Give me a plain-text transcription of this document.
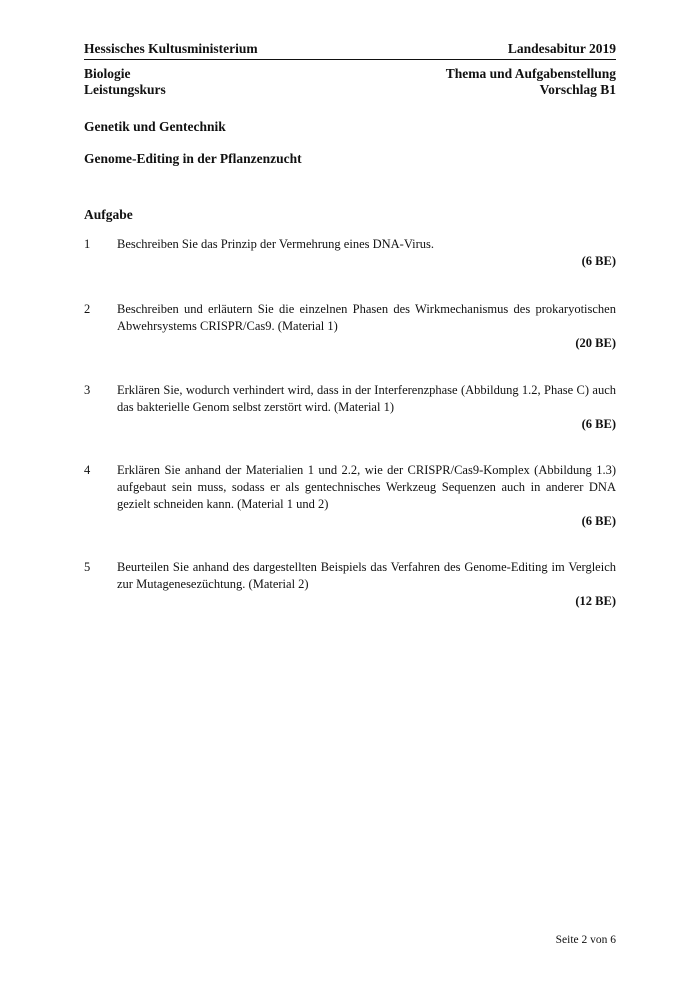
Hessisches Kultusministerium	Landesabitur 2019
Biologie
Leistungskurs
Thema und Aufgabenstellung
Vorschlag B1
Genetik und Gentechnik
Genome-Editing in der Pflanzenzucht
Aufgabe
1 Beschreiben Sie das Prinzip der Vermehrung eines DNA-Virus.
(6 BE)
2 Beschreiben und erläutern Sie die einzelnen Phasen des Wirkmechanismus des prokaryotischen Abwehrsystems CRISPR/Cas9. (Material 1)
(20 BE)
3 Erklären Sie, wodurch verhindert wird, dass in der Interferenzphase (Abbildung 1.2, Phase C) auch das bakterielle Genom selbst zerstört wird. (Material 1)
(6 BE)
4 Erklären Sie anhand der Materialien 1 und 2.2, wie der CRISPR/Cas9-Komplex (Abbildung 1.3) aufgebaut sein muss, sodass er als gentechnisches Werkzeug Sequenzen auch in anderer DNA gezielt schneiden kann. (Material 1 und 2)
(6 BE)
5 Beurteilen Sie anhand des dargestellten Beispiels das Verfahren des Genome-Editing im Vergleich zur Mutagenesezüchtung. (Material 2)
(12 BE)
Seite 2 von 6
